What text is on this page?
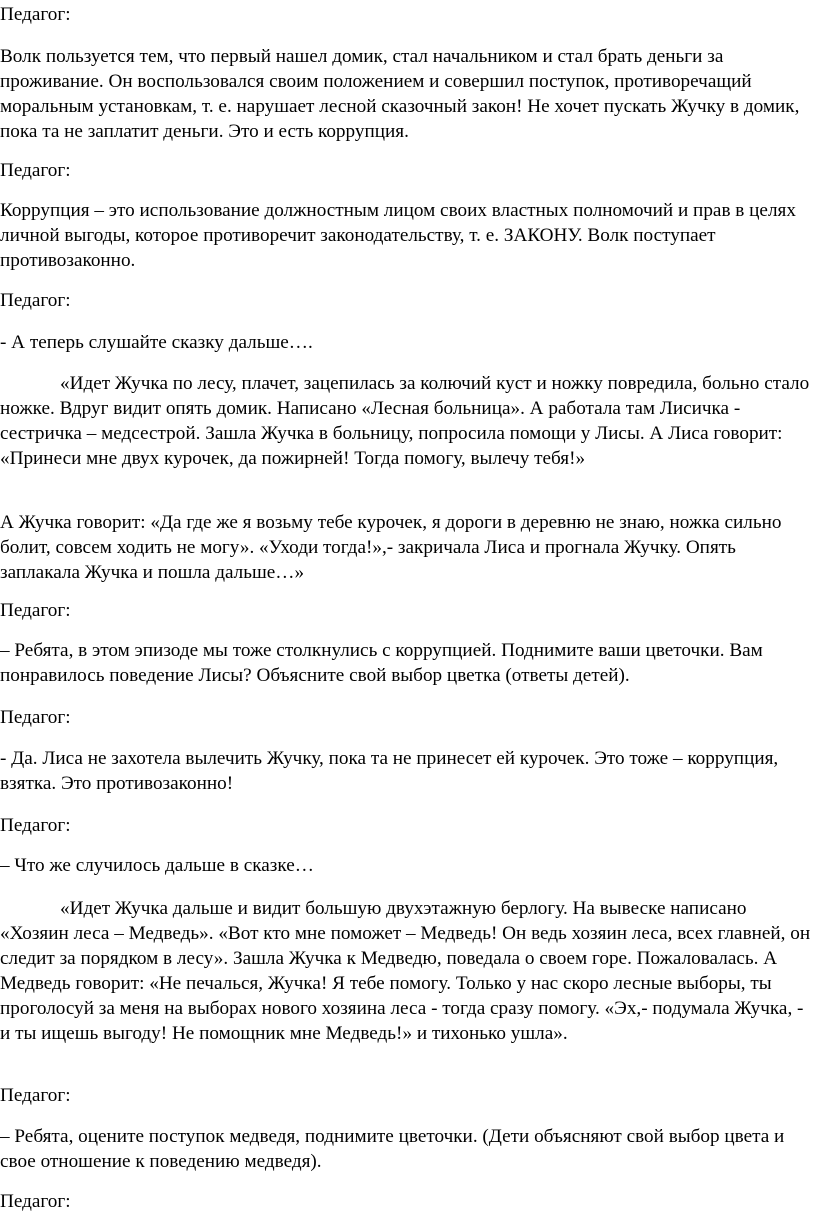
Педагог:

Волк пользуется тем, что первый нашел домик, стал начальником и стал брать деньги за проживание. Он воспользовался своим положением и совершил поступок, противоречащий моральным установкам, т. е. нарушает лесной сказочный закон! Не хочет пускать Жучку в домик, пока та не заплатит деньги. Это и есть коррупция.

Педагог:

Коррупция – это использование должностным лицом своих властных полномочий и прав в целях личной выгоды, которое противоречит законодательству, т. е. ЗАКОНУ. Волк поступает противозаконно.

Педагог:

- А теперь слушайте сказку дальше….

«Идет Жучка по лесу, плачет, зацепилась за колючий куст и ножку повредила, больно стало ножке. Вдруг видит опять домик. Написано «Лесная больница». А работала там Лисичка - сестричка – медсестрой. Зашла Жучка в больницу, попросила помощи у Лисы. А Лиса говорит: «Принеси мне двух курочек, да пожирней! Тогда помогу, вылечу тебя!»

А Жучка говорит: «Да где же я возьму тебе курочек, я дороги в деревню не знаю, ножка сильно болит, совсем ходить не могу». «Уходи тогда!»,- закричала Лиса и прогнала Жучку. Опять заплакала Жучка и пошла дальше…»

Педагог:

– Ребята, в этом эпизоде мы тоже столкнулись с коррупцией. Поднимите ваши цветочки. Вам понравилось поведение Лисы? Объясните свой выбор цветка (ответы детей).

Педагог:

- Да. Лиса не захотела вылечить Жучку, пока та не принесет ей курочек. Это тоже – коррупция, взятка. Это противозаконно!

Педагог:

– Что же случилось дальше в сказке…

«Идет Жучка дальше и видит большую двухэтажную берлогу. На вывеске написано «Хозяин леса – Медведь». «Вот кто мне поможет – Медведь! Он ведь хозяин леса, всех главней, он следит за порядком в лесу». Зашла Жучка к Медведю, поведала о своем горе. Пожаловалась. А Медведь говорит: «Не печалься, Жучка! Я тебе помогу. Только у нас скоро лесные выборы, ты проголосуй за меня на выборах нового хозяина леса - тогда сразу помогу. «Эх,- подумала Жучка, - и ты ищешь выгоду! Не помощник мне Медведь!» и тихонько ушла».

Педагог:

– Ребята, оцените поступок медведя, поднимите цветочки. (Дети объясняют свой выбор цвета и свое отношение к поведению медведя).

Педагог:
